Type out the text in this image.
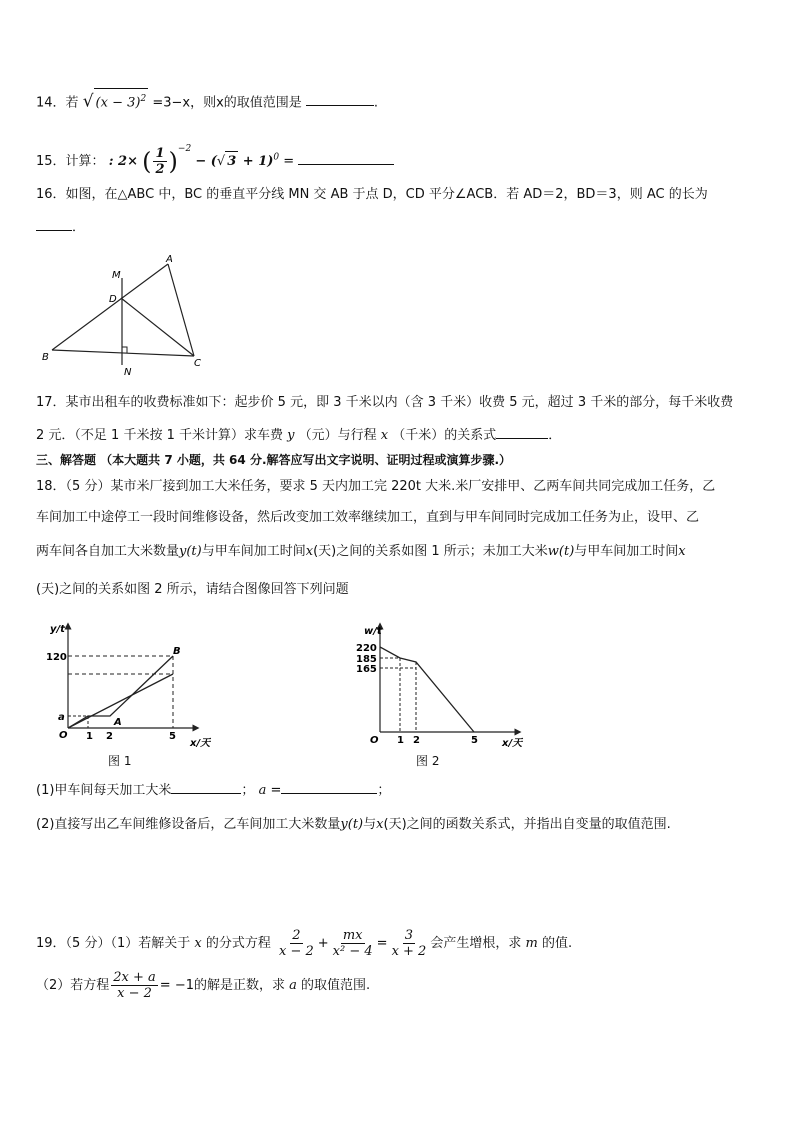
14．若 √ $(x - 3)^2 =3-x$，则x的取值范围是	.
15．计算： : 2× ( $\frac{1}{2} )^{-2}$ − (√ 3 + 1)$^0$ =
16．如图，在△ABC 中，BC 的垂直平分线 MN 交 AB 于点 D，CD 平分∠ACB．若 AD＝2，BD＝3，则 AC 的长为
．
M
A
D
B
C
N
17．某市出租车的收费标准如下：起步价 5 元，即 3 千米以内（含 3 千米）收费 5 元，超过 3 千米的部分，每千米收费
2 元．（不足 1 千米按 1 千米计算）求车费 y （元）与行程 x （千米）的关系式	．
三、解答题 （本大题共 7 小题，共 64 分.解答应写出文字说明、证明过程或演算步骤.）
18．（5 分）某市米厂接到加工大米任务，要求 5 天内加工完 220t 大米.米厂安排甲、乙两车间共同完成加工任务，乙
车间加工中途停工一段时间维修设备，然后改变加工效率继续加工，直到与甲车间同时完成加工任务为止，设甲、乙
两车间各自加工大米数量y(t)与甲车间加工时间x(天)之间的关系如图 1 所示；未加工大米w(t)与甲车间加工时间x
(天)之间的关系如图 2 所示，请结合图像回答下列问题
y/t
x/天
120
a
O 1 2	5
A
B
图 1
w/t
x/天
220
185
165
O 1 2	5
图 2
(1)甲车间每天加工大米	； a =	；
(2)直接写出乙车间维修设备后，乙车间加工大米数量y(t)与x(天)之间的函数关系式，并指出自变量的取值范围.
19．（5 分）（1）若解关于 x 的分式方程 $\frac{2}{x - 2} + \frac{mx}{\text{x² − 4}} = \frac{3}{x + 2}$ 会产生增根，求 m 的值.
（2）若方程 $\frac{2x + a}{x - 2} = -1$的解是正数，求 a 的取值范围.
